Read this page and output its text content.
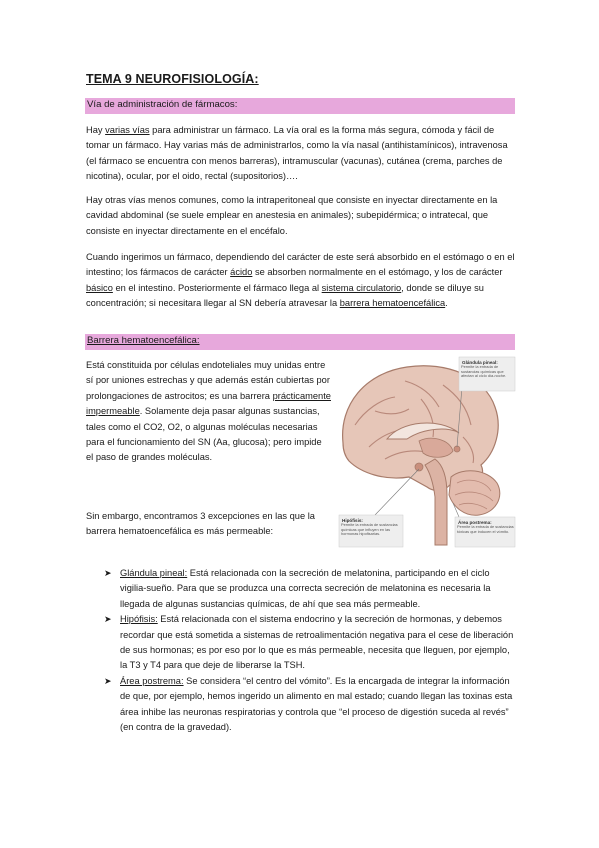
TEMA 9 NEUROFISIOLOGÍA:
Vía de administración de fármacos:
Hay varias vías para administrar un fármaco. La vía oral es la forma más segura, cómoda y fácil de tomar un fármaco. Hay varias más de administrarlos, como la vía nasal (antihistamínicos), intravenosa (el fármaco se encuentra con menos barreras), intramuscular (vacunas), cutánea (crema, parches de nicotina), ocular, por el oido, rectal (supositorios)….
Hay otras vías menos comunes, como la intraperitoneal que consiste en inyectar directamente en la cavidad abdominal (se suele emplear en anestesia en animales); subepidérmica; o intratecal, que consiste en inyectar directamente en el encéfalo.
Cuando ingerimos un fármaco, dependiendo del carácter de este será absorbido en el estómago o en el intestino; los fármacos de carácter ácido se absorben normalmente en el estómago, y los de carácter básico en el intestino. Posteriormente el fármaco llega al sistema circulatorio, donde se diluye su concentración; si necesitara llegar al SN debería atravesar la barrera hematoencefálica.
Barrera hematoencefálica:
Está constituida por células endoteliales muy unidas entre sí por uniones estrechas y que además están cubiertas por prolongaciones de astrocitos; es una barrera prácticamente impermeable. Solamente deja pasar algunas sustancias, tales como el CO2, O2, o algunas moléculas necesarias para el funcionamiento del SN (Aa, glucosa); pero impide el paso de grandes moléculas.
Sin embargo, encontramos 3 excepciones en las que la barrera hematoencefálica es más permeable:
Glándula pineal:
Permite la entrada de sustancias químicas que afectan al ciclo día-noche.
Hipófisis:
Permite la entrada de sustancias químicas que influyen en las hormonas hipofisarias.
Área postrema:
Permite la entrada de sustancias tóxicas que inducen el vómito.
➤ Glándula pineal: Está relacionada con la secreción de melatonina, participando en el ciclo vigilia-sueño. Para que se produzca una correcta secreción de melatonina es necesaria la llegada de algunas sustancias químicas, de ahí que sea más permeable.
➤ Hipófisis: Está relacionada con el sistema endocrino y la secreción de hormonas, y debemos recordar que está sometida a sistemas de retroalimentación negativa para el cese de liberación de sus hormonas; es por eso por lo que es más permeable, necesita que lleguen, por ejemplo, la T3 y T4 para que deje de liberarse la TSH.
➤ Área postrema: Se considera “el centro del vómito”. Es la encargada de integrar la información de que, por ejemplo, hemos ingerido un alimento en mal estado; cuando llegan las toxinas esta área inhibe las neuronas respiratorias y controla que “el proceso de digestión suceda al revés” (en contra de la gravedad).
